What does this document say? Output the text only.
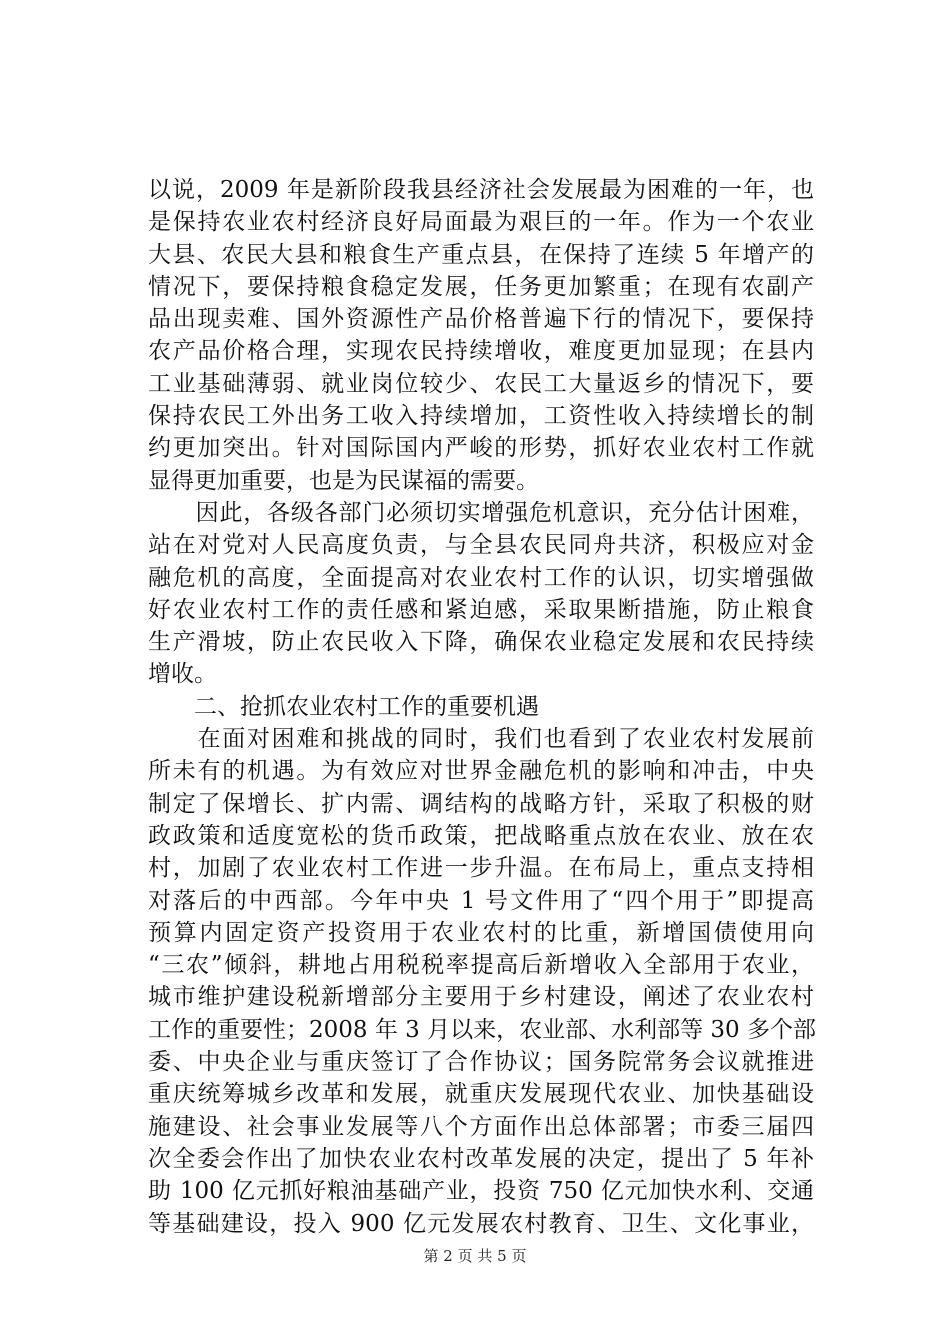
以说，2009 年是新阶段我县经济社会发展最为困难的一年，也
是保持农业农村经济良好局面最为艰巨的一年。作为一个农业
大县、农民大县和粮食生产重点县，在保持了连续 5 年增产的
情况下，要保持粮食稳定发展，任务更加繁重；在现有农副产
品出现卖难、国外资源性产品价格普遍下行的情况下，要保持
农产品价格合理，实现农民持续增收，难度更加显现；在县内
工业基础薄弱、就业岗位较少、农民工大量返乡的情况下，要
保持农民工外出务工收入持续增加，工资性收入持续增长的制
约更加突出。针对国际国内严峻的形势，抓好农业农村工作就
显得更加重要，也是为民谋福的需要。
　　因此，各级各部门必须切实增强危机意识，充分估计困难，
站在对党对人民高度负责，与全县农民同舟共济，积极应对金
融危机的高度，全面提高对农业农村工作的认识，切实增强做
好农业农村工作的责任感和紧迫感，采取果断措施，防止粮食
生产滑坡，防止农民收入下降，确保农业稳定发展和农民持续
增收。
　　二、抢抓农业农村工作的重要机遇
　　在面对困难和挑战的同时，我们也看到了农业农村发展前
所未有的机遇。为有效应对世界金融危机的影响和冲击，中央
制定了保增长、扩内需、调结构的战略方针，采取了积极的财
政政策和适度宽松的货币政策，把战略重点放在农业、放在农
村，加剧了农业农村工作进一步升温。在布局上，重点支持相
对落后的中西部。今年中央 1 号文件用了“四个用于”即提高
预算内固定资产投资用于农业农村的比重，新增国债使用向
“三农”倾斜，耕地占用税税率提高后新增收入全部用于农业，
城市维护建设税新增部分主要用于乡村建设，阐述了农业农村
工作的重要性；2008 年 3 月以来，农业部、水利部等 30 多个部
委、中央企业与重庆签订了合作协议；国务院常务会议就推进
重庆统筹城乡改革和发展，就重庆发展现代农业、加快基础设
施建设、社会事业发展等八个方面作出总体部署；市委三届四
次全委会作出了加快农业农村改革发展的决定，提出了 5 年补
助 100 亿元抓好粮油基础产业，投资 750 亿元加快水利、交通
等基础建设，投入 900 亿元发展农村教育、卫生、文化事业，
第 2 页 共 5 页
